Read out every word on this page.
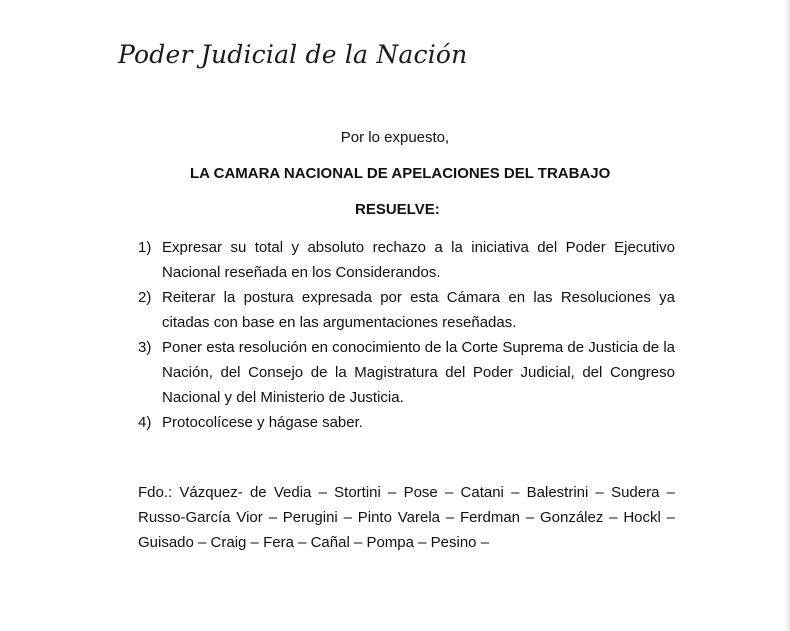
Poder Judicial de la Nación
Por lo expuesto,
LA CAMARA NACIONAL DE APELACIONES DEL TRABAJO
RESUELVE:
1) Expresar su total y absoluto rechazo a la iniciativa del Poder Ejecutivo Nacional reseñada en los Considerandos.
2) Reiterar la postura expresada por esta Cámara en las Resoluciones ya citadas con base en las argumentaciones reseñadas.
3) Poner esta resolución en conocimiento de la Corte Suprema de Justicia de la Nación, del Consejo de la Magistratura del Poder Judicial, del Congreso Nacional y del Ministerio de Justicia.
4) Protocolícese y hágase saber.
Fdo.: Vázquez- de Vedia – Stortini – Pose – Catani – Balestrini – Sudera – Russo-García Vior – Perugini – Pinto Varela – Ferdman – González – Hockl – Guisado – Craig – Fera – Cañal – Pompa – Pesino –
